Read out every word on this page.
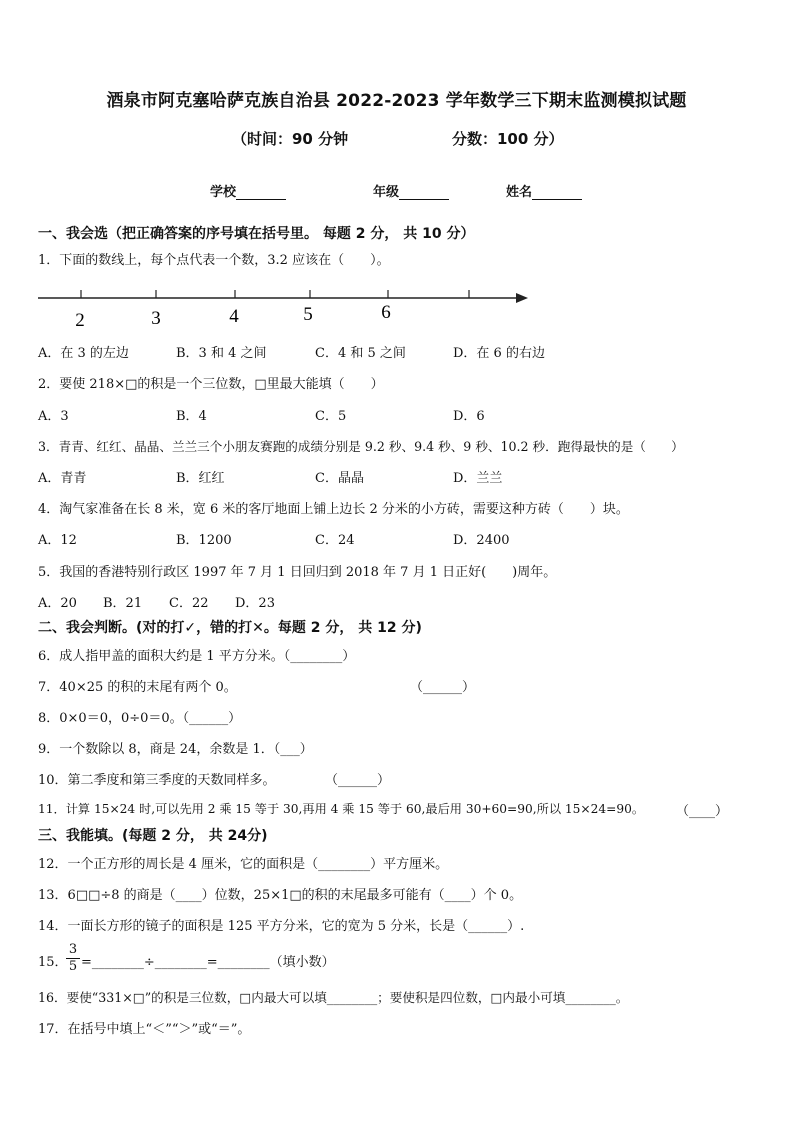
酒泉市阿克塞哈萨克族自治县 2022-2023 学年数学三下期末监测模拟试题
（时间：90 分钟	分数：100 分）
学校	年级	姓名
一、我会选（把正确答案的序号填在括号里。 每题 2 分， 共 10 分）
1．下面的数线上，每个点代表一个数，3.2 应该在（　　）。
2	3	4	5	6
A．在 3 的左边	B．3 和 4 之间	C．4 和 5 之间	D．在 6 的右边
2．要使 218×□的积是一个三位数，□里最大能填（　　）
A．3	B．4	C．5	D．6
3．青青、红红、晶晶、兰兰三个小朋友赛跑的成绩分别是 9.2 秒、9.4 秒、9 秒、10.2 秒．跑得最快的是（　　）
A．青青	B．红红	C．晶晶	D．兰兰
4．淘气家准备在长 8 米，宽 6 米的客厅地面上铺上边长 2 分米的小方砖，需要这种方砖（　　）块。
A．12	B．1200	C．24	D．2400
5．我国的香港特别行政区 1997 年 7 月 1 日回归到 2018 年 7 月 1 日正好(　　)周年。
A．20 B．21 C．22 D．23
二、我会判断。(对的打✓，错的打✕。每题 2 分， 共 12 分)
6．成人指甲盖的面积大约是 1 平方分米。（________）
7．40×25 的积的末尾有两个 0。	（______）
8．0×0＝0，0÷0＝0。（______）
9．一个数除以 8，商是 24，余数是 1．（___）
10．第二季度和第三季度的天数同样多。	（______）
11．计算 15×24 时,可以先用 2 乘 15 等于 30,再用 4 乘 15 等于 60,最后用 30+60=90,所以 15×24=90。 （____）
三、我能填。(每题 2 分， 共 24分)
12．一个正方形的周长是 4 厘米，它的面积是（________）平方厘米。
13．6□□÷8 的商是（____）位数，25×1□的积的末尾最多可能有（____）个 0。
14．一面长方形的镜子的面积是 125 平方分米，它的宽为 5 分米，长是（______）.
15．
$\frac{3}{5}$ =________÷________=________（填小数）
16．要使“331×□”的积是三位数，□内最大可以填________；要使积是四位数，□内最小可填________。
17．在括号中填上“＜”“＞”或“＝”。
